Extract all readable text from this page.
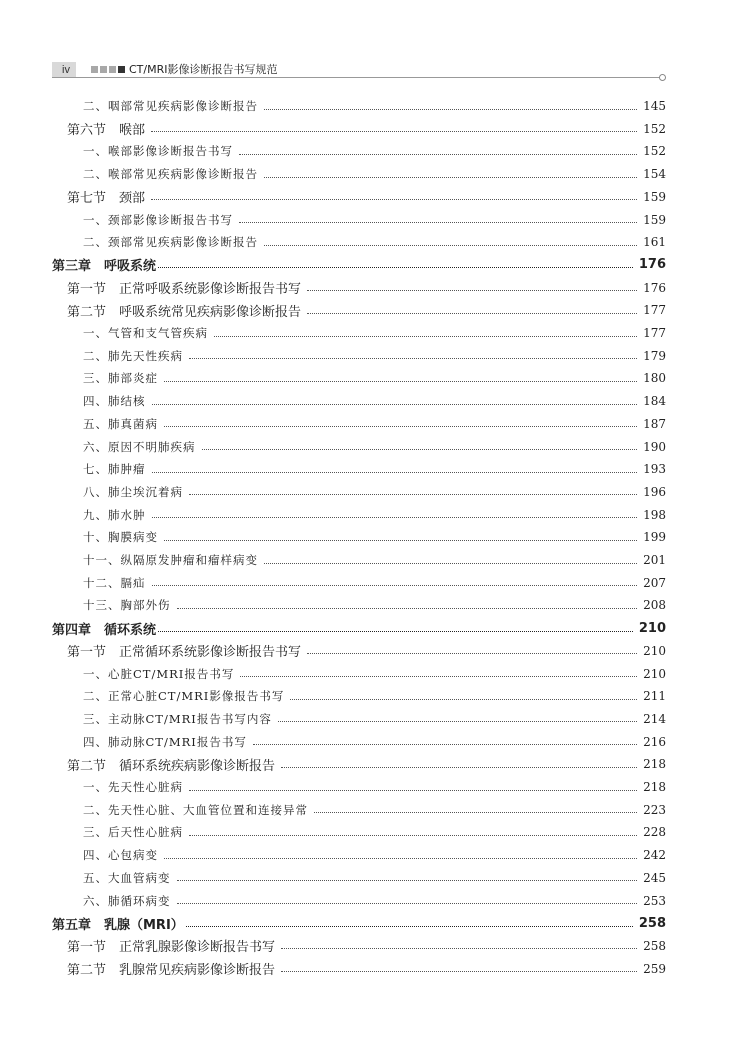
iv	CT/MRI影像诊断报告书写规范
二、咽部常见疾病影像诊断报告	145
第六节　喉部	152
一、喉部影像诊断报告书写	152
二、喉部常见疾病影像诊断报告	154
第七节　颈部	159
一、颈部影像诊断报告书写	159
二、颈部常见疾病影像诊断报告	161
第三章　呼吸系统	176
第一节　正常呼吸系统影像诊断报告书写	176
第二节　呼吸系统常见疾病影像诊断报告	177
一、气管和支气管疾病	177
二、肺先天性疾病	179
三、肺部炎症	180
四、肺结核	184
五、肺真菌病	187
六、原因不明肺疾病	190
七、肺肿瘤	193
八、肺尘埃沉着病	196
九、肺水肿	198
十、胸膜病变	199
十一、纵隔原发肿瘤和瘤样病变	201
十二、膈疝	207
十三、胸部外伤	208
第四章　循环系统	210
第一节　正常循环系统影像诊断报告书写	210
一、心脏CT/MRI报告书写	210
二、正常心脏CT/MRI影像报告书写	211
三、主动脉CT/MRI报告书写内容	214
四、肺动脉CT/MRI报告书写	216
第二节　循环系统疾病影像诊断报告	218
一、先天性心脏病	218
二、先天性心脏、大血管位置和连接异常	223
三、后天性心脏病	228
四、心包病变	242
五、大血管病变	245
六、肺循环病变	253
第五章　乳腺（MRI）	258
第一节　正常乳腺影像诊断报告书写	258
第二节　乳腺常见疾病影像诊断报告	259
